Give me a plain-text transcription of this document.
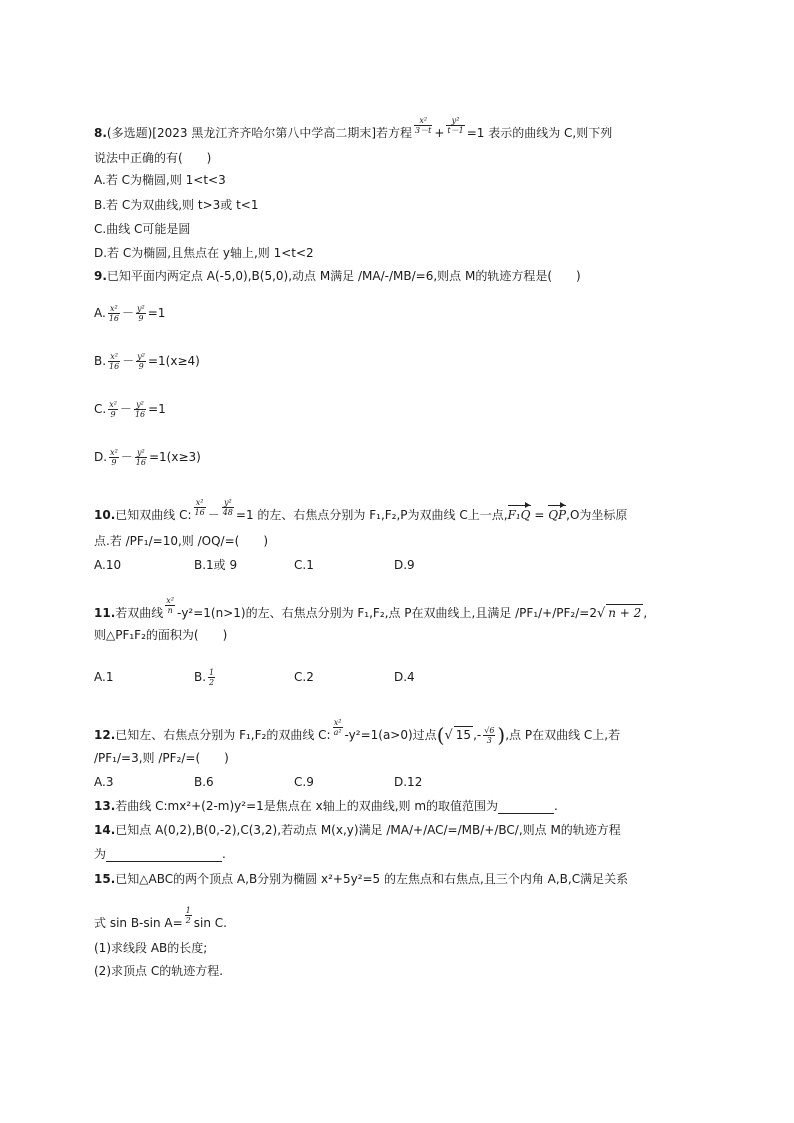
8.(多选题)[2023 黑龙江齐齐哈尔第八中学高二期末]若方程 $\frac{\text{x²}}{3-t} + \frac{\text{y²}}{t-1} =1$ 表示的曲线为 C,则下列
说法中正确的有(　　)
A.若 C为椭圆,则 1<t<3
B.若 C为双曲线,则 t>3或 t<1
C.曲线 C可能是圆
D.若 C为椭圆,且焦点在 y轴上,则 1<t<2
9.已知平面内两定点 A(-5,0),B(5,0),动点 M满足 /MA/-/MB/=6,则点 M的轨迹方程是(　　)
A. $\frac{\text{x²}}{16} - \frac{\text{y²}}{9} =1$
B. $\frac{\text{x²}}{16} - \frac{\text{y²}}{9} =1(x\ge 4)$
C. $\frac{\text{x²}}{9} - \frac{\text{y²}}{16} =1$
D. $\frac{\text{x²}}{9} - \frac{\text{y²}}{16} =1(x\ge 3)$
10.已知双曲线 C: $\frac{\text{x²}}{16} - \frac{\text{y²}}{48} =1$ 的左、右焦点分别为 F₁,F₂,P为双曲线 C上一点,F₁Q = QP,O为坐标原
点.若 /PF₁/=10,则 /OQ/=(　　)
A.10	B.1或 9	C.1	D.9
11.若双曲线 $\frac{\text{x²}}{n} -y^2=1(n>1)$的左、右焦点分别为 F₁,F₂,点 P在双曲线上,且满足 /PF₁/+/PF₂/=2√ n + 2 ,
则△PF₁F₂的面积为(　　)
A.1	B. $\frac{1}{2}$	C.2	D.4
12.已知左、右焦点分别为 F₁,F₂的双曲线 C: $\frac{\text{x²}}{\text{a²}} -y^2=1(a>0)$过点(√ 15 ,- $\frac{√6}{3}$ ),点 P在双曲线 C上,若
/PF₁/=3,则 /PF₂/=(　　)
A.3	B.6	C.9	D.12
13.若曲线 C:mx²+(2-m)y²=1是焦点在 x轴上的双曲线,则 m的取值范围为	.
14.已知点 A(0,2),B(0,-2),C(3,2),若动点 M(x,y)满足 /MA/+/AC/=/MB/+/BC/,则点 M的轨迹方程
为	.
15.已知△ABC的两个顶点 A,B分别为椭圆 x²+5y²=5 的左焦点和右焦点,且三个内角 A,B,C满足关系
式 sin B-sin $A= \frac{1}{2}$ sin C.
(1)求线段 AB的长度;
(2)求顶点 C的轨迹方程.
